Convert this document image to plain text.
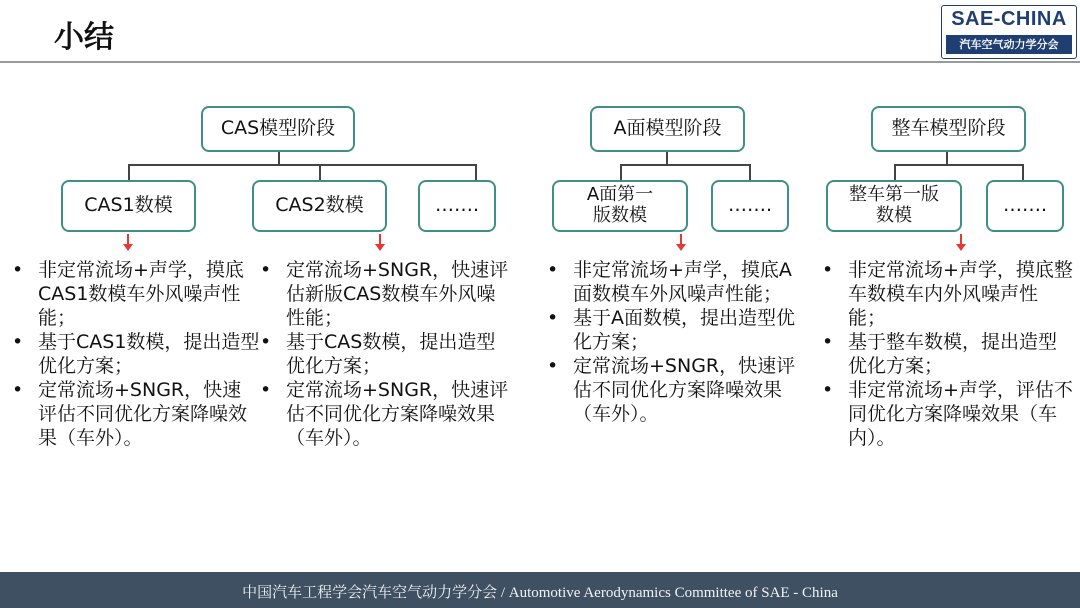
小结
SAE-CHINA
汽车空气动力学分会
CAS模型阶段	A面模型阶段	整车模型阶段
CAS1数模	CAS2数模	…….	A面第一版数模	…….	整车第一版数模	…….
• 非定常流场+声学，摸底CAS1数模车外风噪声性能；
• 基于CAS1数模，提出造型优化方案；
• 定常流场+SNGR，快速评估不同优化方案降噪效果（车外）。
• 定常流场+SNGR，快速评估新版CAS数模车外风噪性能；
• 基于CAS数模，提出造型优化方案；
• 定常流场+SNGR，快速评估不同优化方案降噪效果（车外）。
• 非定常流场+声学，摸底A面数模车外风噪声性能；
• 基于A面数模，提出造型优化方案；
• 定常流场+SNGR，快速评估不同优化方案降噪效果（车外）。
• 非定常流场+声学，摸底整车数模车内外风噪声性能；
• 基于整车数模，提出造型优化方案；
• 非定常流场+声学，评估不同优化方案降噪效果（车内）。
中国汽车工程学会汽车空气动力学分会 / Automotive Aerodynamics Committee of SAE - China
